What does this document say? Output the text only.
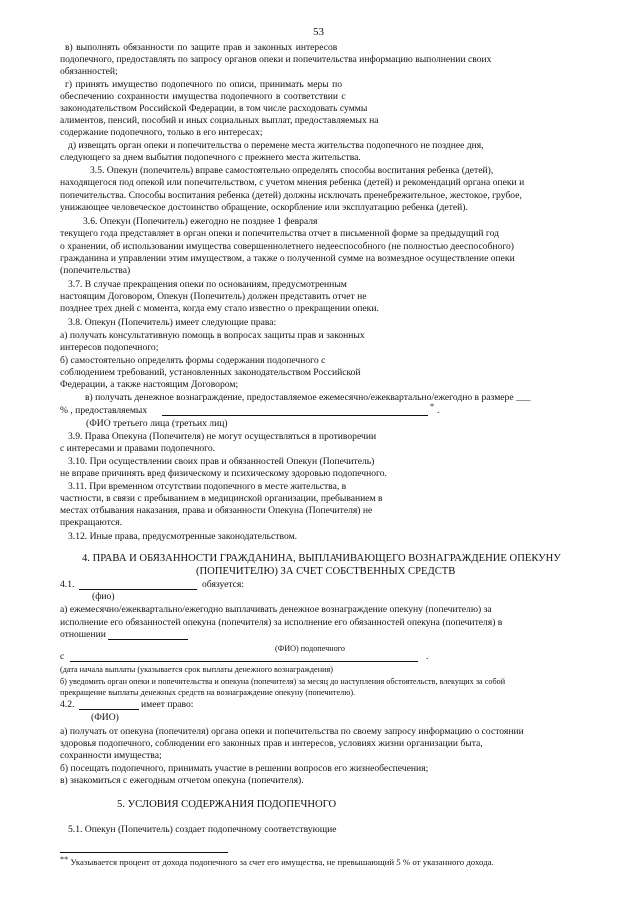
53
в) выполнять обязанности по защите прав и законных интересов
подопечного, предоставлять по запросу органов опеки и попечительства информацию выполнении своих
обязанностей;
г) принять имущество подопечного по описи, принимать меры по
обеспечению сохранности имущества подопечного в соответствии с
законодательством Российской Федерации, в том числе расходовать суммы
алиментов, пенсий, пособий и иных социальных выплат, предоставляемых на
содержание подопечного, только в его интересах;
д) извещать орган опеки и попечительства о перемене места жительства подопечного не позднее дня,
следующего за днем выбытия подопечного с прежнего места жительства.
3.5. Опекун (попечитель) вправе самостоятельно определять способы воспитания ребенка (детей),
находящегося под опекой или попечительством, с учетом мнения ребенка (детей) и рекомендаций органа опеки и
попечительства. Способы воспитания ребенка (детей) должны исключать пренебрежительное, жестокое, грубое,
унижающее человеческое достоинство обращение, оскорбление или эксплуатацию ребенка (детей).
3.6. Опекун (Попечитель) ежегодно не позднее 1 февраля
текущего года представляет в орган опеки и попечительства отчет в письменной форме за предыдущий год
о хранении, об использовании имущества совершеннолетнего недееспособного (не полностью дееспособного)
гражданина и управлении этим имуществом, а также о полученной сумме на возмездное осуществление опеки
(попечительства)
3.7. В случае прекращения опеки по основаниям, предусмотренным
настоящим Договором, Опекун (Попечитель) должен представить отчет не
позднее трех дней с момента, когда ему стало известно о прекращении опеки.
3.8. Опекун (Попечитель) имеет следующие права:
а) получать консультативную помощь в вопросах защиты прав и законных
интересов подопечного;
б) самостоятельно определять формы содержания подопечного с
соблюдением требований, установленных законодательством Российской
Федерации, а также настоящим Договором;
в) получать денежное вознаграждение, предоставляемое ежемесячно/ежеквартально/ежегодно в размере ___
% , предоставляемых	* .
(ФИО третьего лица (третьих лиц)
3.9. Права Опекуна (Попечителя) не могут осуществляться в противоречии
с интересами и правами подопечного.
3.10. При осуществлении своих прав и обязанностей Опекун (Попечитель)
не вправе причинять вред физическому и психическому здоровью подопечного.
3.11. При временном отсутствии подопечного в месте жительства, в
частности, в связи с пребыванием в медицинской организации, пребыванием в
местах отбывания наказания, права и обязанности Опекуна (Попечителя) не
прекращаются.
3.12. Иные права, предусмотренные законодательством.
4. ПРАВА И ОБЯЗАННОСТИ ГРАЖДАНИНА, ВЫПЛАЧИВАЮЩЕГО ВОЗНАГРАЖДЕНИЕ ОПЕКУНУ
(ПОПЕЧИТЕЛЮ) ЗА СЧЕТ СОБСТВЕННЫХ СРЕДСТВ
4.1.	обязуется:
(фио)
а) ежемесячно/ежеквартально/ежегодно выплачивать денежное вознаграждение опекуну (попечителю) за
исполнение его обязанностей опекуна (попечителя) за исполнение его обязанностей опекуна (попечителя) в
отношении
(ФИО) подопечного
с	.
(дата начала выплаты (указывается срок выплаты денежного вознаграждения)
б) уведомить орган опеки и попечительства и опекуна (попечителя) за месяц до наступления обстоятельств, влекущих за собой
прекращение выплаты денежных средств на вознаграждение опекуну (попечителю).
4.2.	имеет право:
(ФИО)
а) получать от опекуна (попечителя) органа опеки и попечительства по своему запросу информацию о состоянии
здоровья подопечного, соблюдении его законных прав и интересов, условиях жизни организации быта,
сохранности имущества;
б) посещать подопечного, принимать участие в решении вопросов его жизнеобеспечения;
в) знакомиться с ежегодным отчетом опекуна (попечителя).
5. УСЛОВИЯ СОДЕРЖАНИЯ ПОДОПЕЧНОГО
5.1. Опекун (Попечитель) создает подопечному соответствующие
** Указывается процент от дохода подопечного за счет его имущества, не превышающий 5 % от указанного дохода.
